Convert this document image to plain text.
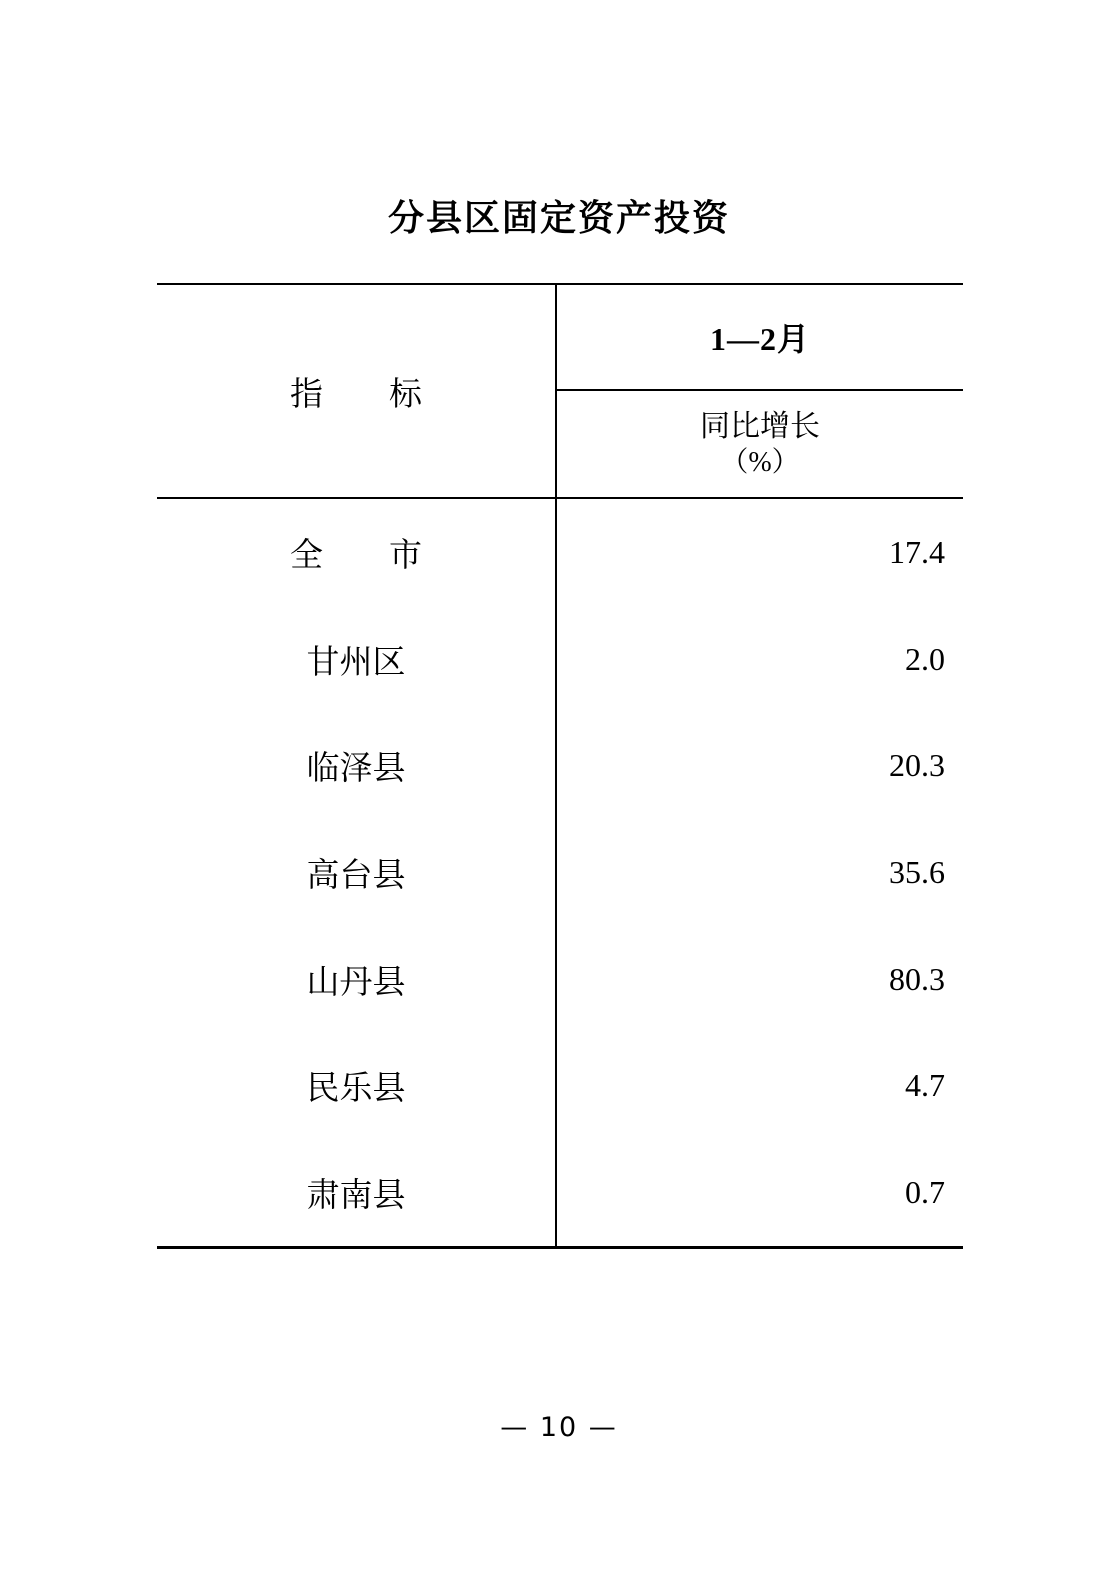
分县区固定资产投资
指　　标
1—2月
同比增长
（%）
全　　市	17.4
甘州区	2.0
临泽县	20.3
高台县	35.6
山丹县	80.3
民乐县	4.7
肃南县	0.7
— 10 —
